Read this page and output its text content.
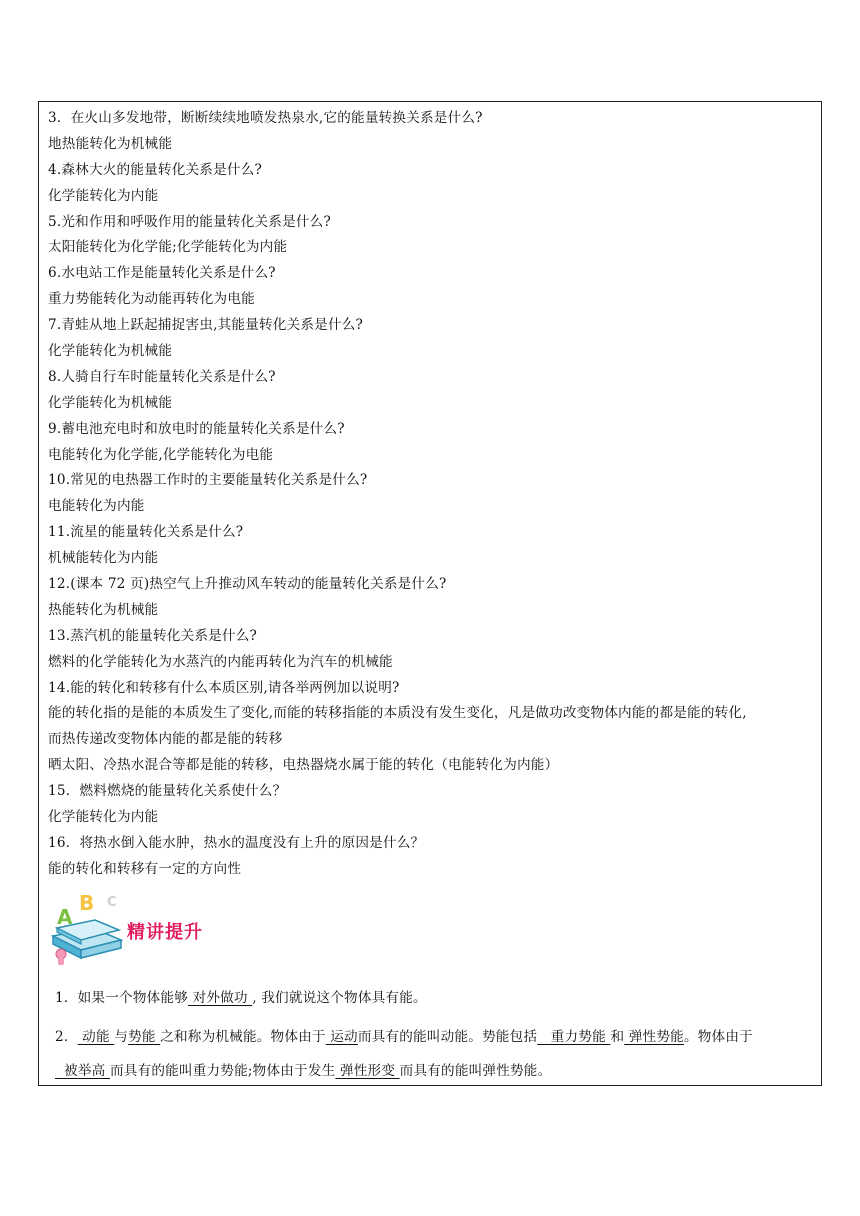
3．在火山多发地带，断断续续地喷发热泉水,它的能量转换关系是什么?
地热能转化为机械能
4.森林大火的能量转化关系是什么?
化学能转化为内能
5.光和作用和呼吸作用的能量转化关系是什么?
太阳能转化为化学能;化学能转化为内能
6.水电站工作是能量转化关系是什么?
重力势能转化为动能再转化为电能
7.青蛙从地上跃起捕捉害虫,其能量转化关系是什么?
化学能转化为机械能
8.人骑自行车时能量转化关系是什么?
化学能转化为机械能
9.蓄电池充电时和放电时的能量转化关系是什么?
电能转化为化学能,化学能转化为电能
10.常见的电热器工作时的主要能量转化关系是什么?
电能转化为内能
11.流星的能量转化关系是什么?
机械能转化为内能
12.(课本 72 页)热空气上升推动风车转动的能量转化关系是什么?
热能转化为机械能
13.蒸汽机的能量转化关系是什么?
燃料的化学能转化为水蒸汽的内能再转化为汽车的机械能
14.能的转化和转移有什么本质区别,请各举两例加以说明?
能的转化指的是能的本质发生了变化,而能的转移指能的本质没有发生变化，凡是做功改变物体内能的都是能的转化,
而热传递改变物体内能的都是能的转移
晒太阳、冷热水混合等都是能的转移，电热器烧水属于能的转化（电能转化为内能）
15．燃料燃烧的能量转化关系使什么？
化学能转化为内能
16．将热水倒入能水肿，热水的温度没有上升的原因是什么？
能的转化和转移有一定的方向性
B C
A
精讲提升
1．如果一个物体能够 对外做功 , 我们就说这个物体具有能。
2． 动能 与势能 之和称为机械能。物体由于 运动而具有的能叫动能。势能包括   重力势能 和 弹性势能。物体由于  被举高 而具有的能叫重力势能;物体由于发生 弹性形变 而具有的能叫弹性势能。
